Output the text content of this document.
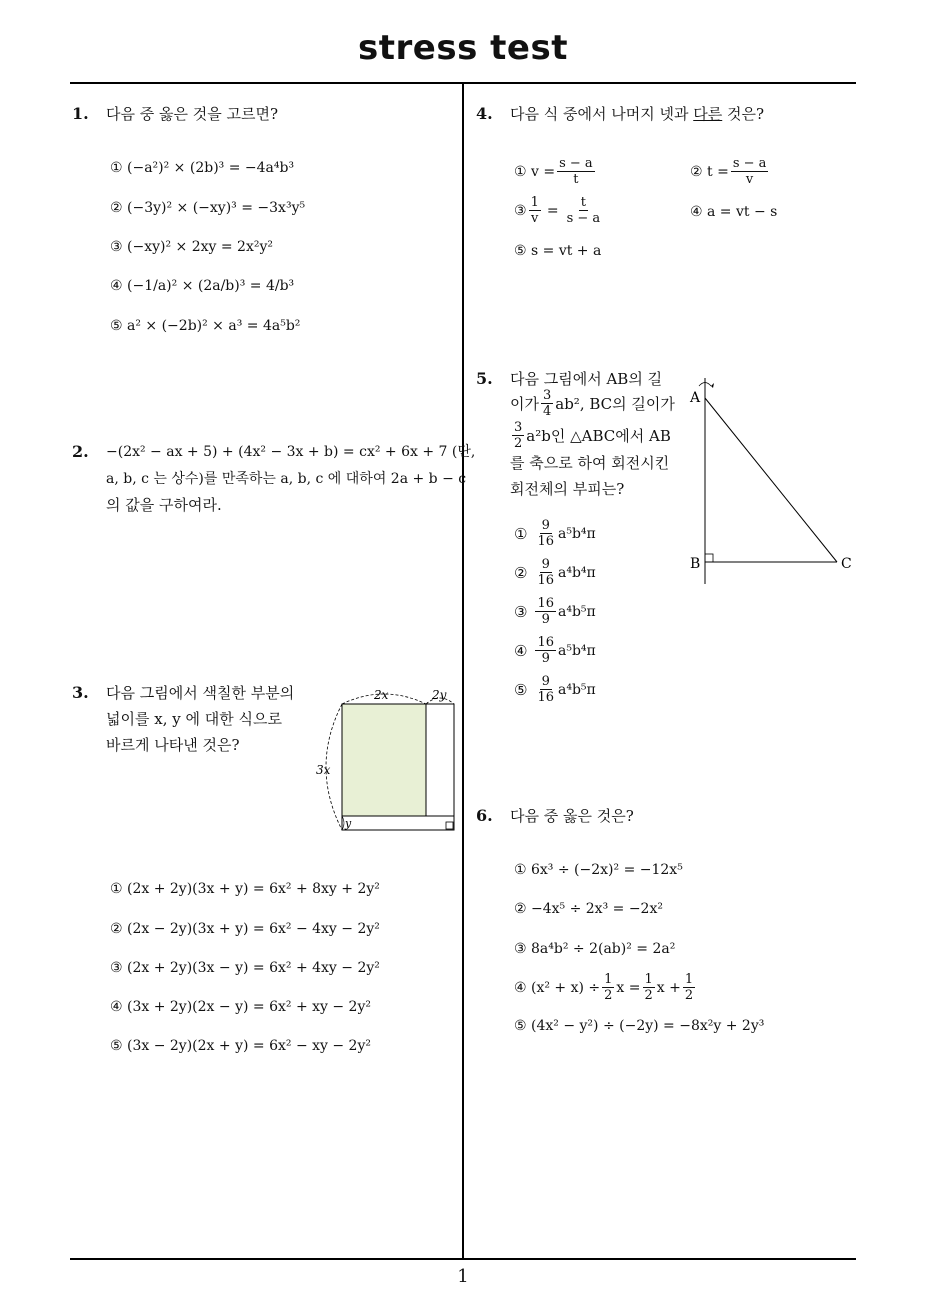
stress test
1. 다음 중 옳은 것을 고르면?
① (−a²)² × (2b)³ = −4a⁴b³
② (−3y)² × (−xy)³ = −3x³y⁵
③ (−xy)² × 2xy = 2x²y²
④ (−1/a)² × (2a/b)³ = 4/b³
⑤ a² × (−2b)² × a³ = 4a⁵b²
2. −(2x² − ax + 5) + (4x² − 3x + b) = cx² + 6x + 7 (단,
a, b, c 는 상수)를 만족하는 a, b, c 에 대하여 2a + b − c
의 값을 구하여라.
3. 다음 그림에서 색칠한 부분의
넓이를 x, y 에 대한 식으로
바르게 나타낸 것은?
2x	2y
3x
y
① (2x + 2y)(3x + y) = 6x² + 8xy + 2y²
② (2x − 2y)(3x + y) = 6x² − 4xy − 2y²
③ (2x + 2y)(3x − y) = 6x² + 4xy − 2y²
④ (3x + 2y)(2x − y) = 6x² + xy − 2y²
⑤ (3x − 2y)(2x + y) = 6x² − xy − 2y²
4. 다음 식 중에서 나머지 넷과 다른 것은?
① $v = \frac{s - a}{t}$	② $t = \frac{s - a}{v}$
③ $\frac{1}{v} = \frac{t}{s - a}$	④ a = vt − s
⑤ s = vt + a
5. 다음 그림에서 AB의 길
이가 $\frac{3}{4} ab^2$, BC의 길이가
$\frac{3}{2} a^2b$인 △ABC에서 AB
를 축으로 하여 회전시킨
회전체의 부피는?
A
B	C
① $\frac{9}{16} a^5b^4\pi$
② $\frac{9}{16} a^4b^4\pi$
③ $\frac{16}{9} a^4b^5\pi$
④ $\frac{16}{9} a^5b^4\pi$
⑤ $\frac{9}{16} a^4b^5\pi$
6. 다음 중 옳은 것은?
① 6x³ ÷ (−2x)² = −12x⁵
② −4x⁵ ÷ 2x³ = −2x²
③ 8a⁴b² ÷ 2(ab)² = 2a²
④ $(x^2 + x) \div \frac{1}{2}$ $x = \frac{1}{2}$ $x + \frac{1}{2}$
⑤ (4x² − y²) ÷ (−2y) = −8x²y + 2y³
1
